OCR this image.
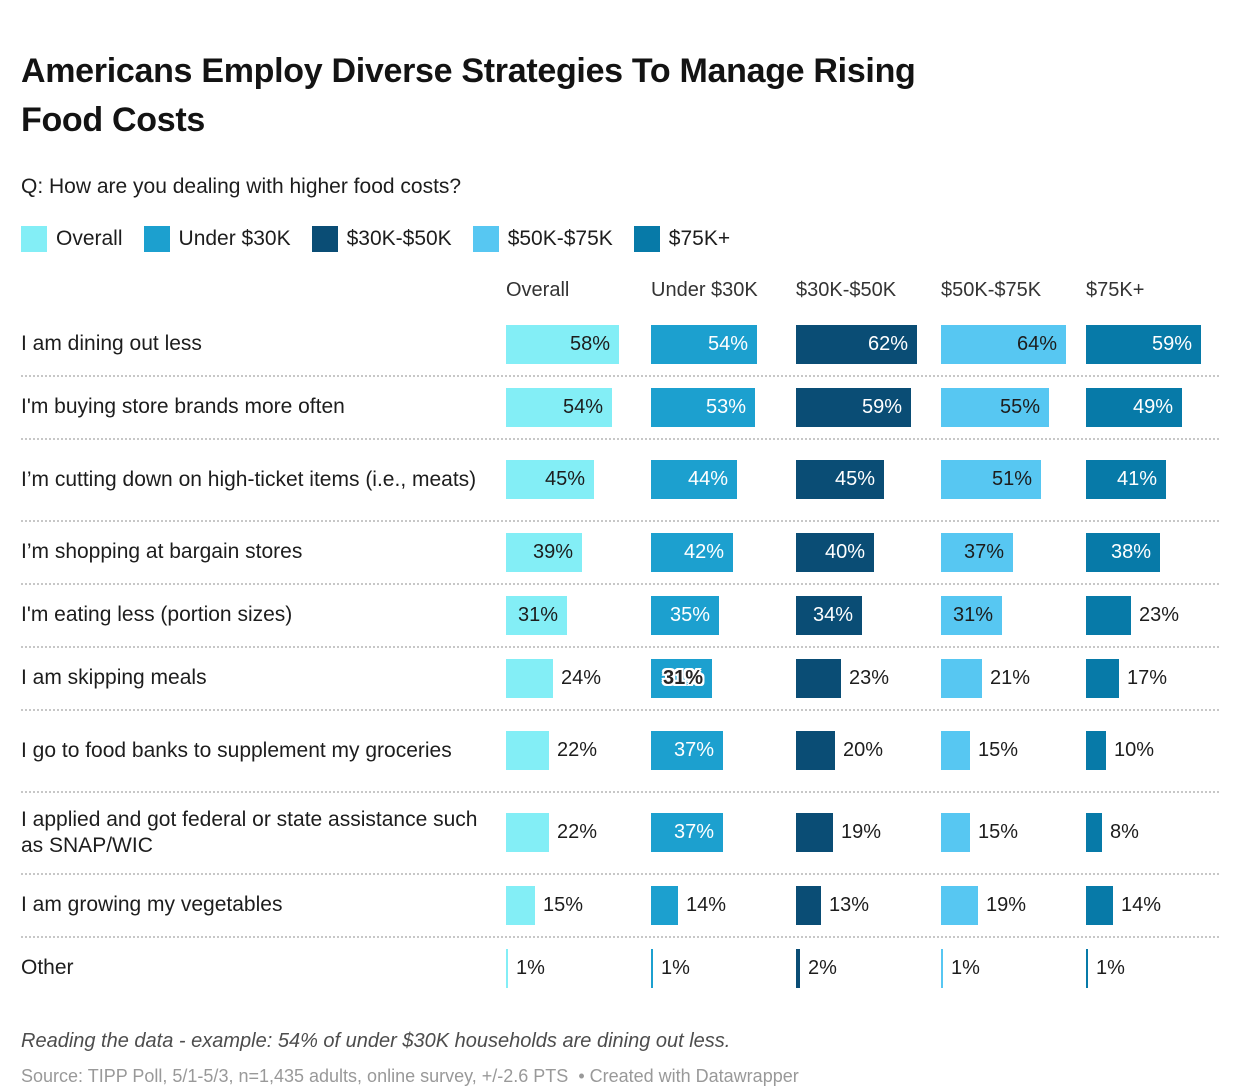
Americans Employ Diverse Strategies To Manage Rising
Food Costs
Q: How are you dealing with higher food costs?
Overall	Under $30K	$30K-$50K	$50K-$75K	$75K+
Overall	Under $30K	$30K-$50K	$50K-$75K	$75K+
I am dining out less	58%	54%	62%	64%	59%
I'm buying store brands more often	54%	53%	59%	55%	49%
I’m cutting down on high-ticket items (i.e., meats)	45%	44%	45%	51%	41%
I’m shopping at bargain stores	39%	42%	40%	37%	38%
I'm eating less (portion sizes)	31%	35%	34%	31%	23%
I am skipping meals	24%	31%	23%	21%	17%
I go to food banks to supplement my groceries	22%	37%	20%	15%	10%
I applied and got federal or state assistance such as SNAP/WIC
22%	37%	19%	15%	8%
I am growing my vegetables	15%	14%	13%	19%	14%
Other	1%	1%	2%	1%	1%
Reading the data - example: 54% of under $30K households are dining out less.
Source: TIPP Poll, 5/1-5/3, n=1,435 adults, online survey, +/-2.6 PTS • Created with Datawrapper
